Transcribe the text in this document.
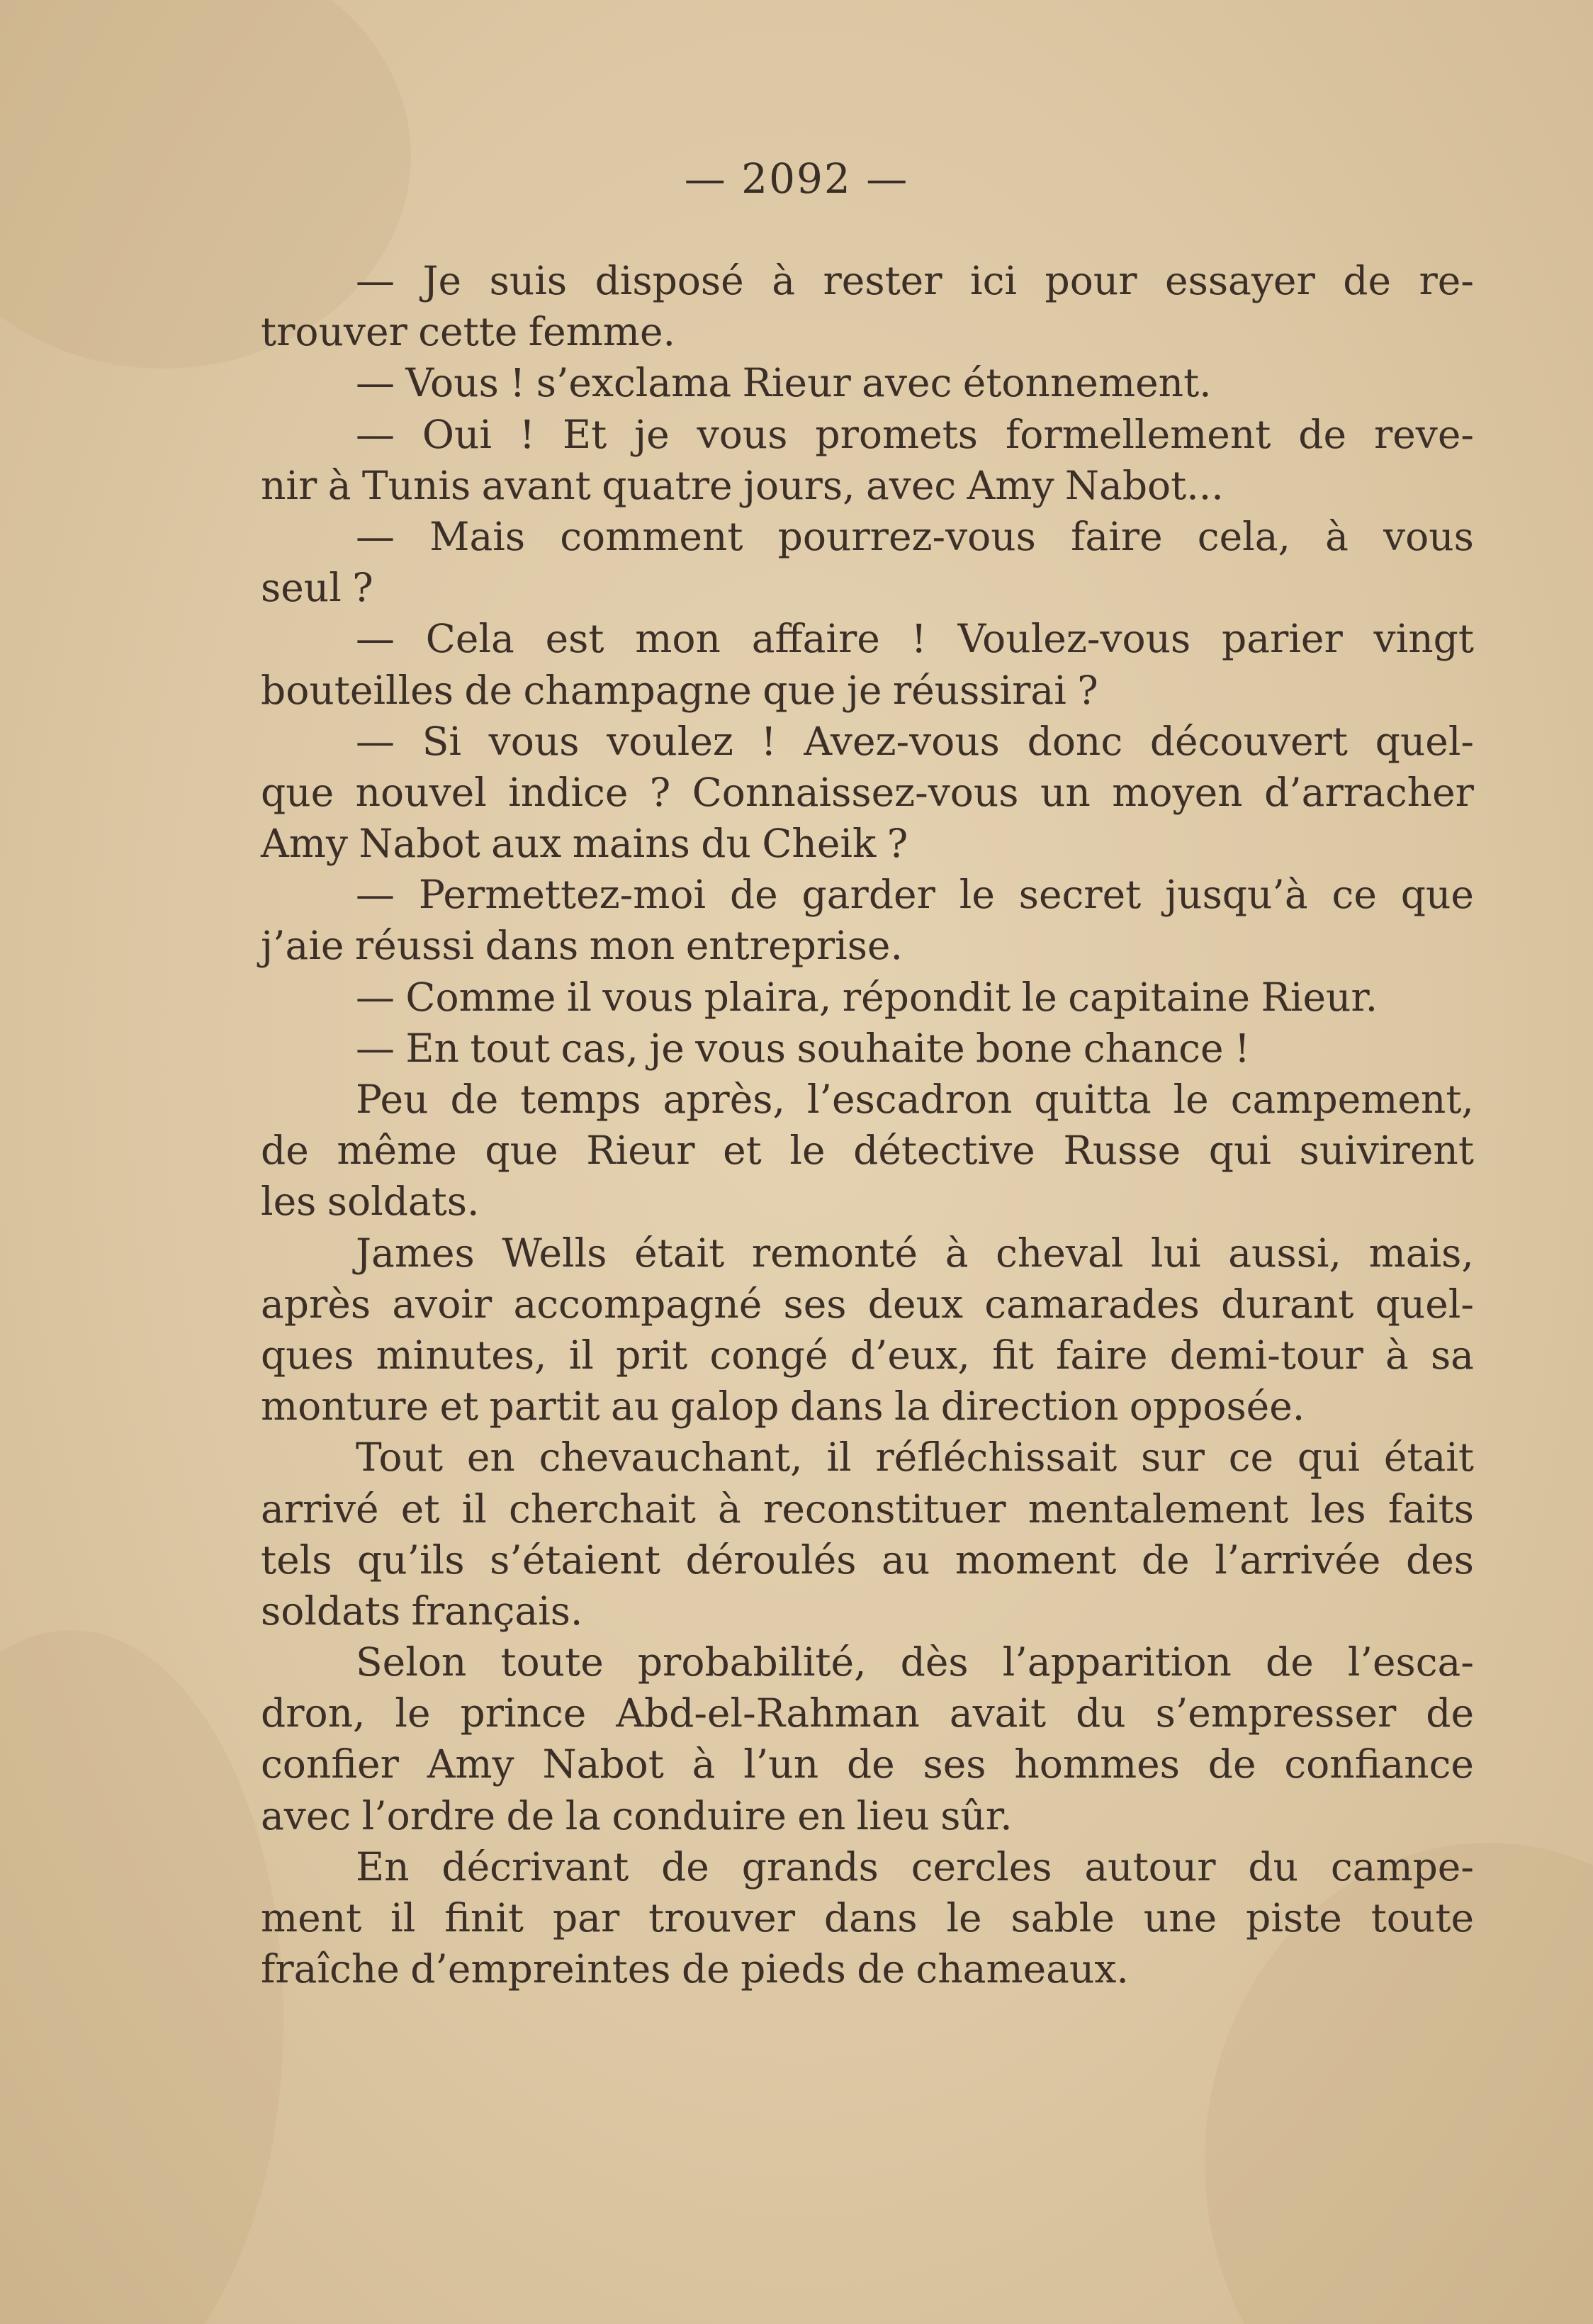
— 2092 —
— Je suis disposé à rester ici pour essayer de re-
trouver cette femme.
— Vous ! s’exclama Rieur avec étonnement.
— Oui ! Et je vous promets formellement de reve-
nir à Tunis avant quatre jours, avec Amy Nabot...
— Mais comment pourrez-vous faire cela, à vous
seul ?
— Cela est mon affaire ! Voulez-vous parier vingt
bouteilles de champagne que je réussirai ?
— Si vous voulez ! Avez-vous donc découvert quel-
que nouvel indice ? Connaissez-vous un moyen d’arracher
Amy Nabot aux mains du Cheik ?
— Permettez-moi de garder le secret jusqu’à ce que
j’aie réussi dans mon entreprise.
— Comme il vous plaira, répondit le capitaine Rieur.
— En tout cas, je vous souhaite bone chance !
Peu de temps après, l’escadron quitta le campement,
de même que Rieur et le détective Russe qui suivirent
les soldats.
James Wells était remonté à cheval lui aussi, mais,
après avoir accompagné ses deux camarades durant quel-
ques minutes, il prit congé d’eux, fit faire demi-tour à sa
monture et partit au galop dans la direction opposée.
Tout en chevauchant, il réfléchissait sur ce qui était
arrivé et il cherchait à reconstituer mentalement les faits
tels qu’ils s’étaient déroulés au moment de l’arrivée des
soldats français.
Selon toute probabilité, dès l’apparition de l’esca-
dron, le prince Abd-el-Rahman avait du s’empresser de
confier Amy Nabot à l’un de ses hommes de confiance
avec l’ordre de la conduire en lieu sûr.
En décrivant de grands cercles autour du campe-
ment il finit par trouver dans le sable une piste toute
fraîche d’empreintes de pieds de chameaux.
